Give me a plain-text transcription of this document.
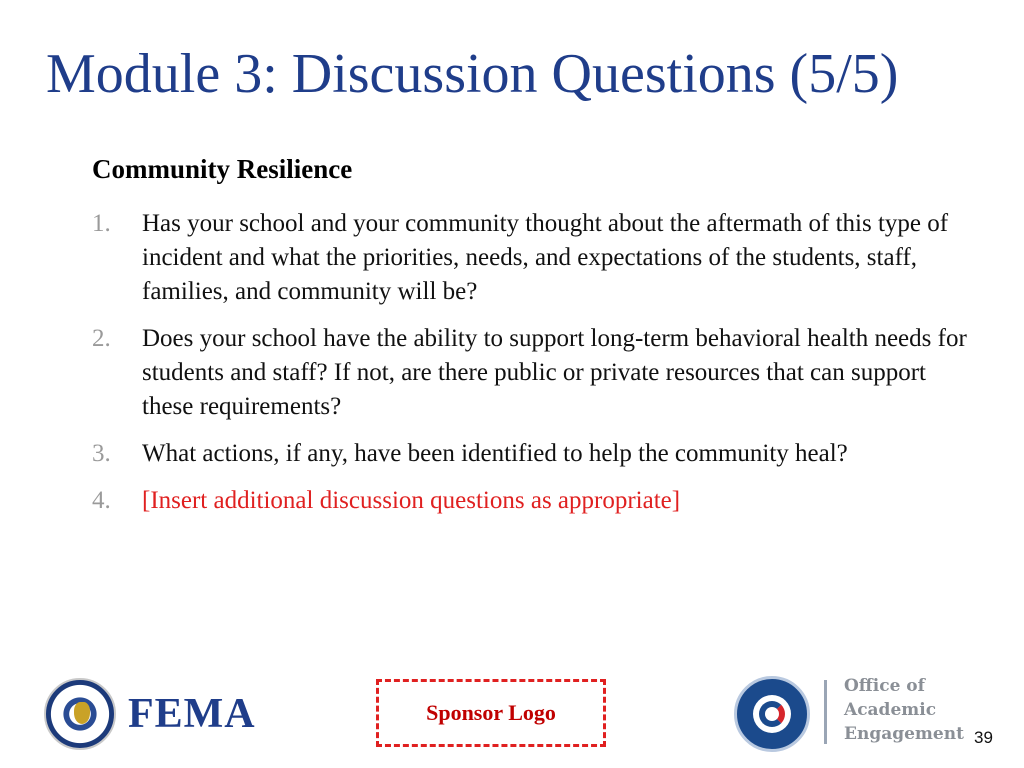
Module 3: Discussion Questions (5/5)
Community Resilience
1.	Has your school and your community thought about the aftermath of this type of incident and what the priorities, needs, and expectations of the students, staff, families, and community will be?
2.	Does your school have the ability to support long-term behavioral health needs for students and staff? If not, are there public or private resources that can support these requirements?
3.	What actions, if any, have been identified to help the community heal?
4.	[Insert additional discussion questions as appropriate]
FEMA	Sponsor Logo
Office of
Academic
Engagement 39
